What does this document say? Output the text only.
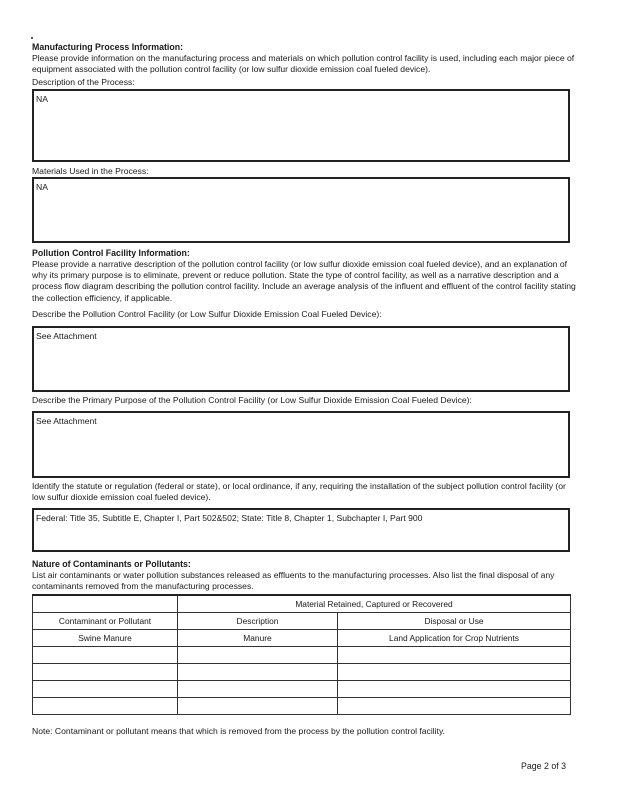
Manufacturing Process Information:
Please provide information on the manufacturing process and materials on which pollution control facility is used, including each major piece of equipment associated with the pollution control facility (or low sulfur dioxide emission coal fueled device).
Description of the Process:
NA
Materials Used in the Process:
NA
Pollution Control Facility Information:
Please provide a narrative description of the pollution control facility (or low sulfur dioxide emission coal fueled device), and an explanation of why its primary purpose is to eliminate, prevent or reduce pollution. State the type of control facility, as well as a narrative description and a process flow diagram describing the pollution control facility. Include an average analysis of the influent and effluent of the control facility stating the collection efficiency, if applicable.
Describe the Pollution Control Facility (or Low Sulfur Dioxide Emission Coal Fueled Device):
See Attachment
Describe the Primary Purpose of the Pollution Control Facility (or Low Sulfur Dioxide Emission Coal Fueled Device):
See Attachment
Identify the statute or regulation (federal or state), or local ordinance, if any, requiring the installation of the subject pollution control facility (or low sulfur dioxide emission coal fueled device).
Federal: Title 35, Subtitle E, Chapter I, Part 502&502; State: Title 8, Chapter 1, Subchapter I, Part 900
Nature of Contaminants or Pollutants:
List air contaminants or water pollution substances released as effluents to the manufacturing processes. Also list the final disposal of any contaminants removed from the manufacturing processes.
	Material Retained, Captured or Recovered	
Contaminant or Pollutant	Description	Disposal or Use
Swine Manure	Manure	Land Application for Crop Nutrients

Note: Contaminant or pollutant means that which is removed from the process by the pollution control facility.
Page 2 of 3
